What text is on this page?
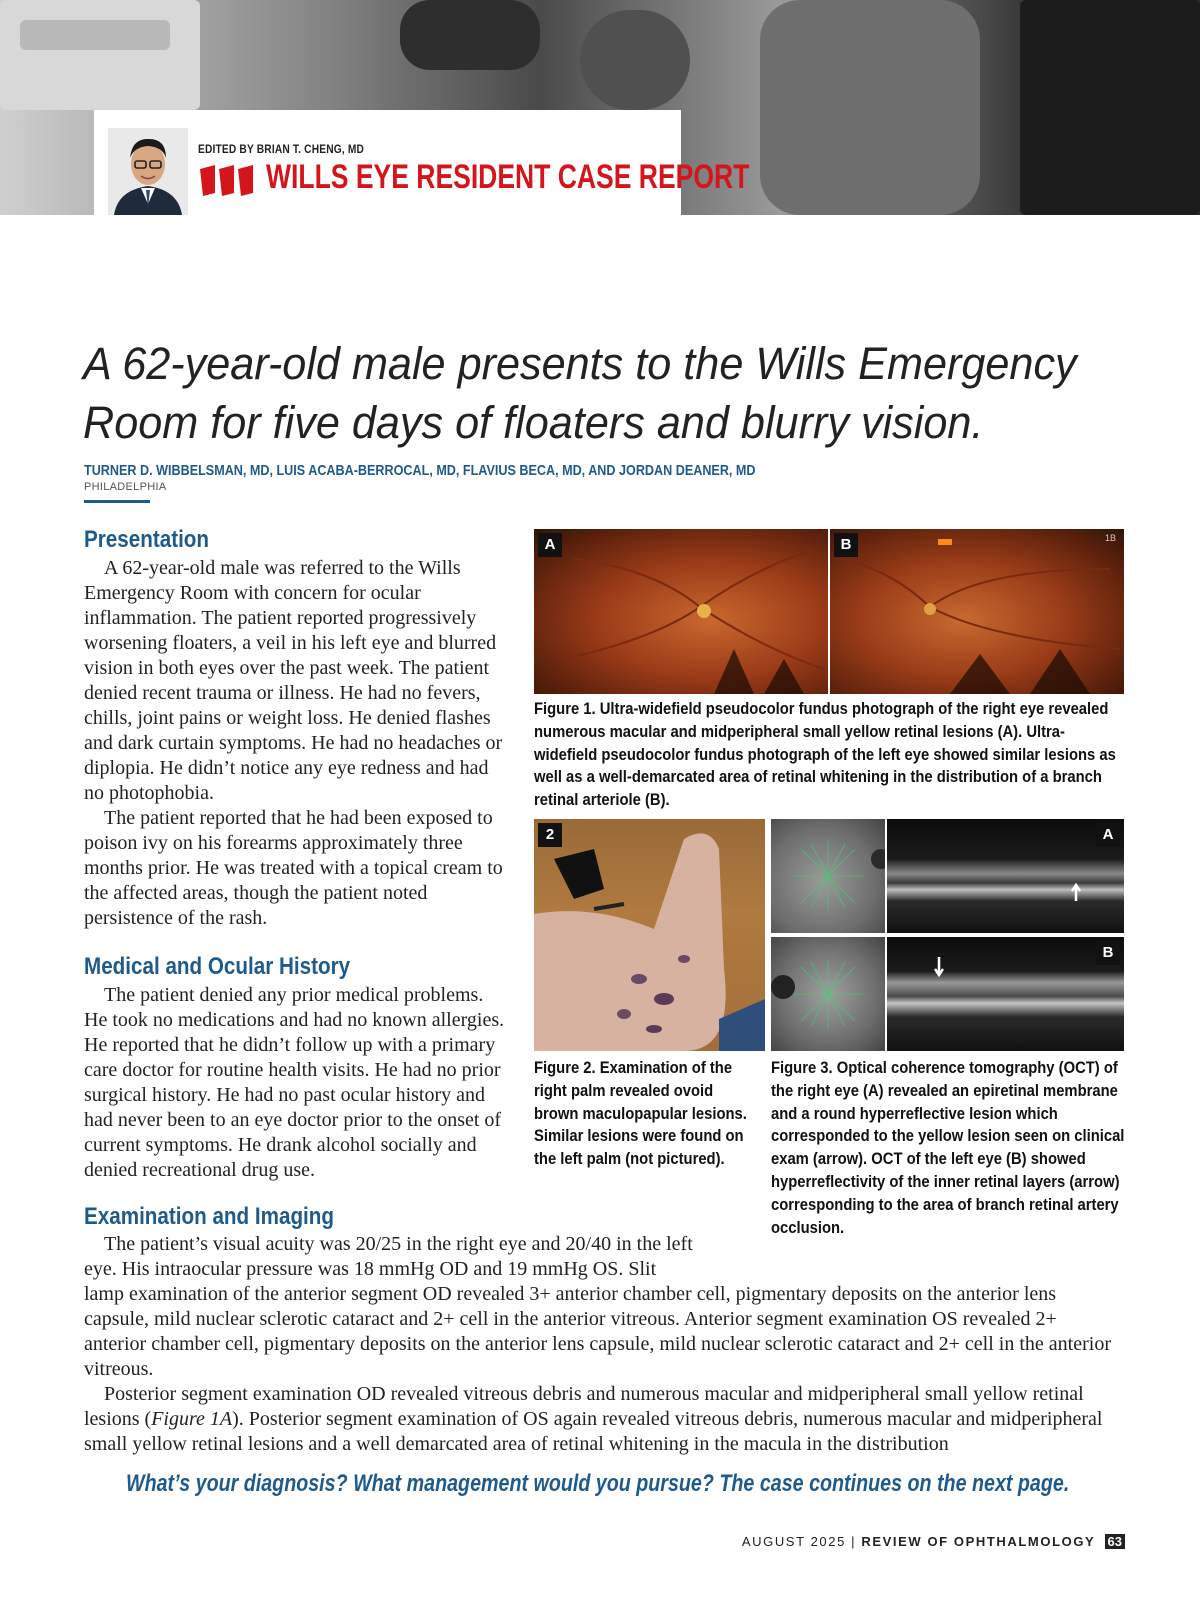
EDITED BY BRIAN T. CHENG, MD
WILLS EYE RESIDENT CASE REPORT
A 62-year-old male presents to the Wills Emergency Room for five days of floaters and blurry vision.
TURNER D. WIBBELSMAN, MD, LUIS ACABA-BERROCAL, MD, FLAVIUS BECA, MD, AND JORDAN DEANER, MD
PHILADELPHIA
Presentation

A 62-year-old male was referred to the Wills Emergency Room with concern for ocular inflammation. The patient reported progressively worsening floaters, a veil in his left eye and blurred vision in both eyes over the past week. The patient denied recent trauma or illness. He had no fevers, chills, joint pains or weight loss. He denied flashes and dark curtain symptoms. He had no headaches or diplopia. He didn’t notice any eye redness and had no photophobia.

The patient reported that he had been exposed to poison ivy on his forearms approximately three months prior. He was treated with a topical cream to the affected areas, though the patient noted persistence of the rash.

Medical and Ocular History

The patient denied any prior medical problems. He took no medications and had no known allergies. He reported that he didn’t follow up with a primary care doctor for routine health visits. He had no prior surgical history. He had no past ocular history and had never been to an eye doctor prior to the onset of current symptoms. He drank alcohol socially and denied recreational drug use.

Examination and Imaging

The patient’s visual acuity was 20/25 in the right eye and 20/40 in the left eye. His intraocular pressure was 18 mmHg OD and 19 mmHg OS. Slit

lamp examination of the anterior segment OD revealed 3+ anterior chamber cell, pigmentary deposits on the anterior lens capsule, mild nuclear sclerotic cataract and 2+ cell in the anterior vitreous. Anterior segment examination OS revealed 2+ anterior chamber cell, pigmentary deposits on the anterior lens capsule, mild nuclear sclerotic cataract and 2+ cell in the anterior vitreous.

Posterior segment examination OD revealed vitreous debris and numerous macular and midperipheral small yellow retinal lesions (Figure 1A). Posterior segment examination of OS again revealed vitreous debris, numerous macular and midperipheral small yellow retinal lesions and a well demarcated area of retinal whitening in the macula in the distribution

A	B	1B
Figure 1. Ultra-widefield pseudocolor fundus photograph of the right eye revealed numerous macular and midperipheral small yellow retinal lesions (A). Ultra-widefield pseudocolor fundus photograph of the left eye showed similar lesions as well as a well-demarcated area of retinal whitening in the distribution of a branch retinal arteriole (B).
2
Figure 2. Examination of the right palm revealed ovoid brown maculopapular lesions. Similar lesions were found on the left palm (not pictured).
A
B
Figure 3. Optical coherence tomography (OCT) of the right eye (A) revealed an epiretinal membrane and a round hyperreflective lesion which corresponded to the yellow lesion seen on clinical exam (arrow). OCT of the left eye (B) showed hyperreflectivity of the inner retinal layers (arrow) corresponding to the area of branch retinal artery occlusion.
What’s your diagnosis? What management would you pursue? The case continues on the next page.
AUGUST 2025 | REVIEW OF OPHTHALMOLOGY 63
